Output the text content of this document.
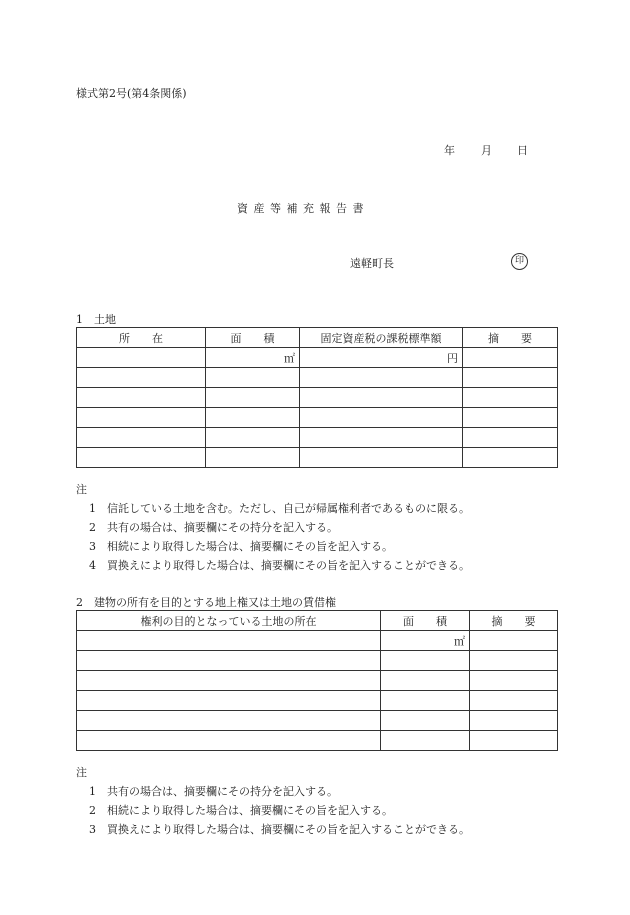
様式第2号(第4条関係)
年 月 日
資 産 等 補 充 報 告 書
遠軽町長	印
1　土地
所　　在	面　　積	固定資産税の課税標準額	摘　　要
	㎡	円	

注
1 信託している土地を含む。ただし、自己が帰属権利者であるものに限る。
2 共有の場合は、摘要欄にその持分を記入する。
3 相続により取得した場合は、摘要欄にその旨を記入する。
4 買換えにより取得した場合は、摘要欄にその旨を記入することができる。
2　建物の所有を目的とする地上権又は土地の賃借権
権利の目的となっている土地の所在	面　　積	摘　　要
	㎡	

注
1 共有の場合は、摘要欄にその持分を記入する。
2 相続により取得した場合は、摘要欄にその旨を記入する。
3 買換えにより取得した場合は、摘要欄にその旨を記入することができる。
